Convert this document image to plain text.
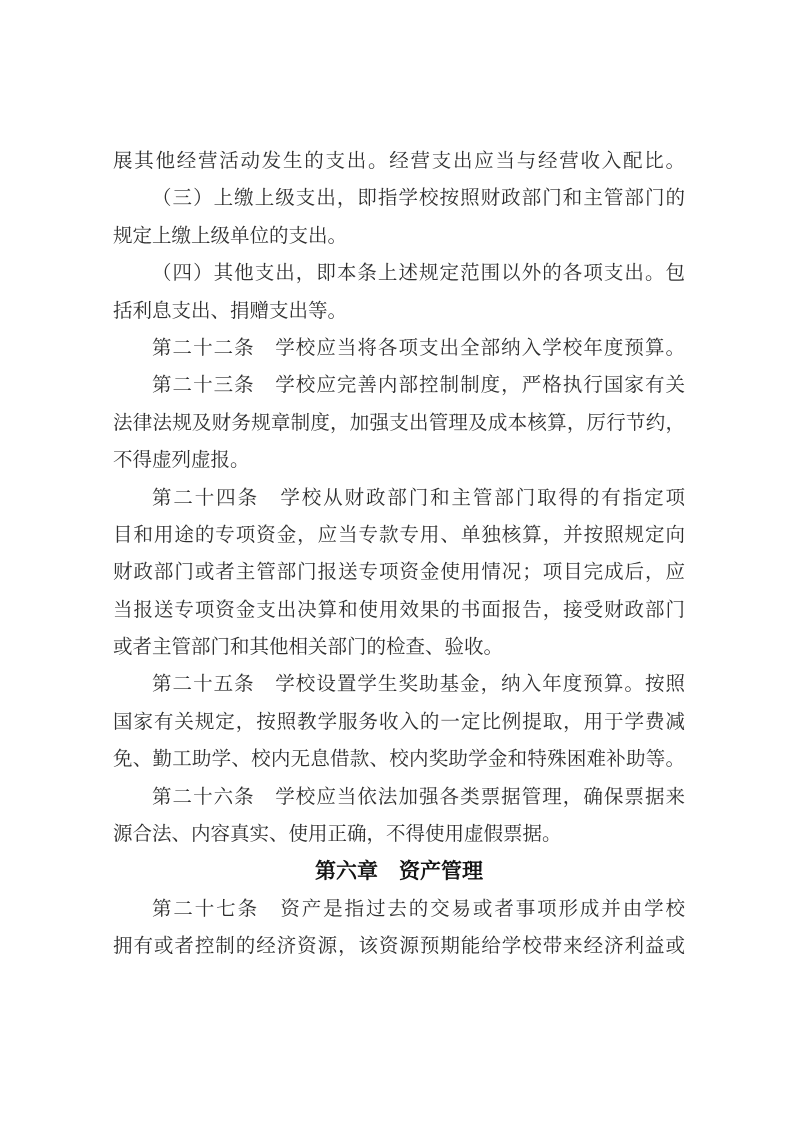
展其他经营活动发生的支出。经营支出应当与经营收入配比。
（三）上缴上级支出，即指学校按照财政部门和主管部门的
规定上缴上级单位的支出。
（四）其他支出，即本条上述规定范围以外的各项支出。包
括利息支出、捐赠支出等。
第二十二条　学校应当将各项支出全部纳入学校年度预算。
第二十三条　学校应完善内部控制制度，严格执行国家有关
法律法规及财务规章制度，加强支出管理及成本核算，厉行节约，
不得虚列虚报。
第二十四条　学校从财政部门和主管部门取得的有指定项
目和用途的专项资金，应当专款专用、单独核算，并按照规定向
财政部门或者主管部门报送专项资金使用情况；项目完成后，应
当报送专项资金支出决算和使用效果的书面报告，接受财政部门
或者主管部门和其他相关部门的检查、验收。
第二十五条　学校设置学生奖助基金，纳入年度预算。按照
国家有关规定，按照教学服务收入的一定比例提取，用于学费减
免、勤工助学、校内无息借款、校内奖助学金和特殊困难补助等。
第二十六条　学校应当依法加强各类票据管理，确保票据来
源合法、内容真实、使用正确，不得使用虚假票据。
第六章　资产管理
第二十七条　资产是指过去的交易或者事项形成并由学校
拥有或者控制的经济资源，该资源预期能给学校带来经济利益或
